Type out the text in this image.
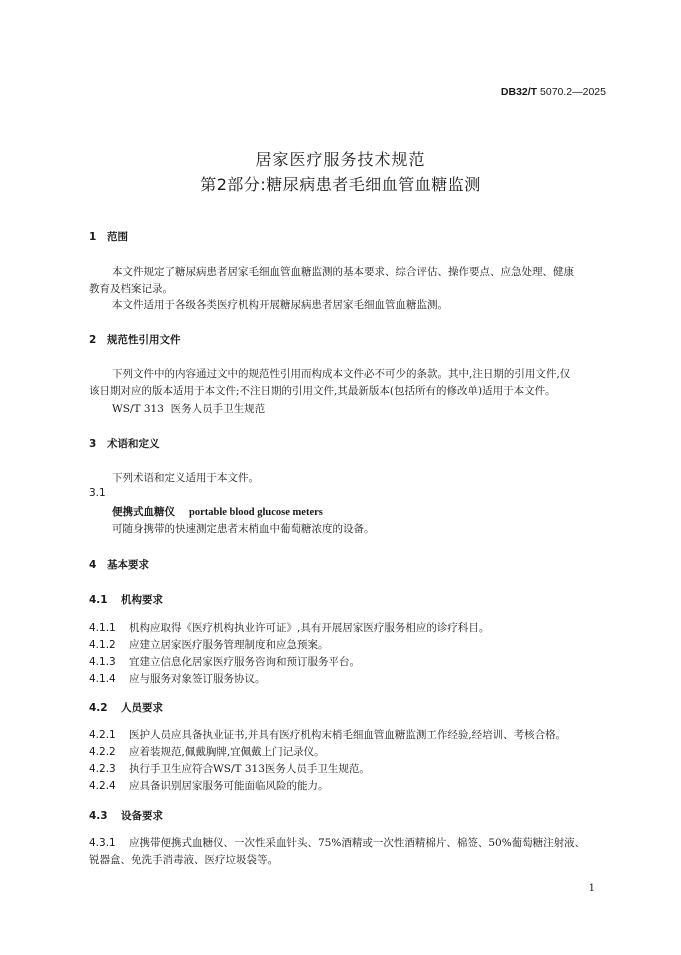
DB32/T 5070.2—2025
居家医疗服务技术规范
第2部分:糖尿病患者毛细血管血糖监测
1 范围
本文件规定了糖尿病患者居家毛细血管血糖监测的基本要求、综合评估、操作要点、应急处理、健康
教育及档案记录。
本文件适用于各级各类医疗机构开展糖尿病患者居家毛细血管血糖监测。
2 规范性引用文件
下列文件中的内容通过文中的规范性引用而构成本文件必不可少的条款。其中,注日期的引用文件,仅
该日期对应的版本适用于本文件;不注日期的引用文件,其最新版本(包括所有的修改单)适用于本文件。
WS/T 313  医务人员手卫生规范
3 术语和定义
下列术语和定义适用于本文件。
3.1
便携式血糖仪 portable blood glucose meters
可随身携带的快速测定患者末梢血中葡萄糖浓度的设备。
4 基本要求
4.1 机构要求
4.1.1 机构应取得《医疗机构执业许可证》,具有开展居家医疗服务相应的诊疗科目。
4.1.2 应建立居家医疗服务管理制度和应急预案。
4.1.3 宜建立信息化居家医疗服务咨询和预订服务平台。
4.1.4 应与服务对象签订服务协议。
4.2 人员要求
4.2.1 医护人员应具备执业证书,并具有医疗机构末梢毛细血管血糖监测工作经验,经培训、考核合格。
4.2.2 应着装规范,佩戴胸牌,宜佩戴上门记录仪。
4.2.3 执行手卫生应符合WS/T 313医务人员手卫生规范。
4.2.4 应具备识别居家服务可能面临风险的能力。
4.3 设备要求
4.3.1 应携带便携式血糖仪、一次性采血针头、75%酒精或一次性酒精棉片、棉签、50%葡萄糖注射液、
锐器盒、免洗手消毒液、医疗垃圾袋等。
1
